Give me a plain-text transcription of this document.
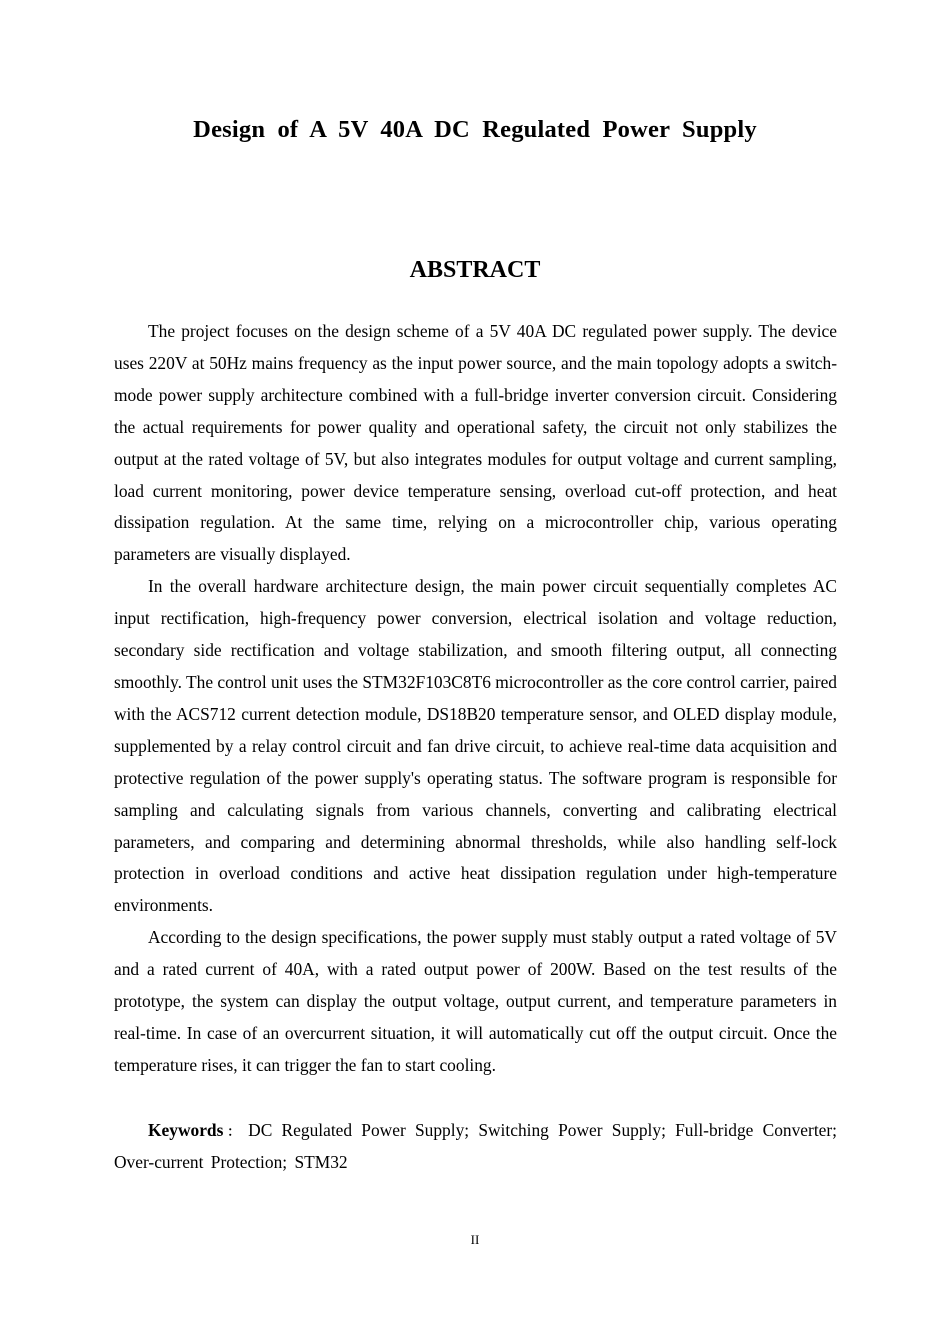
Design of A 5V 40A DC Regulated Power Supply
ABSTRACT

The project focuses on the design scheme of a 5V 40A DC regulated power supply. The device uses 220V at 50Hz mains frequency as the input power source, and the main topology adopts a switch-mode power supply architecture combined with a full-bridge inverter conversion circuit. Considering the actual requirements for power quality and operational safety, the circuit not only stabilizes the output at the rated voltage of 5V, but also integrates modules for output voltage and current sampling, load current monitoring, power device temperature sensing, overload cut-off protection, and heat dissipation regulation. At the same time, relying on a microcontroller chip, various operating parameters are visually displayed.

In the overall hardware architecture design, the main power circuit sequentially completes AC input rectification, high-frequency power conversion, electrical isolation and voltage reduction, secondary side rectification and voltage stabilization, and smooth filtering output, all connecting smoothly. The control unit uses the STM32F103C8T6 microcontroller as the core control carrier, paired with the ACS712 current detection module, DS18B20 temperature sensor, and OLED display module, supplemented by a relay control circuit and fan drive circuit, to achieve real-time data acquisition and protective regulation of the power supply's operating status. The software program is responsible for sampling and calculating signals from various channels, converting and calibrating electrical parameters, and comparing and determining abnormal thresholds, while also handling self-lock protection in overload conditions and active heat dissipation regulation under high-temperature environments.

According to the design specifications, the power supply must stably output a rated voltage of 5V and a rated current of 40A, with a rated output power of 200W. Based on the test results of the prototype, the system can display the output voltage, output current, and temperature parameters in real-time. In case of an overcurrent situation, it will automatically cut off the output circuit. Once the temperature rises, it can trigger the fan to start cooling.

Keywords ： DC Regulated Power Supply; Switching Power Supply; Full-bridge Converter; Over-current Protection; STM32
II
